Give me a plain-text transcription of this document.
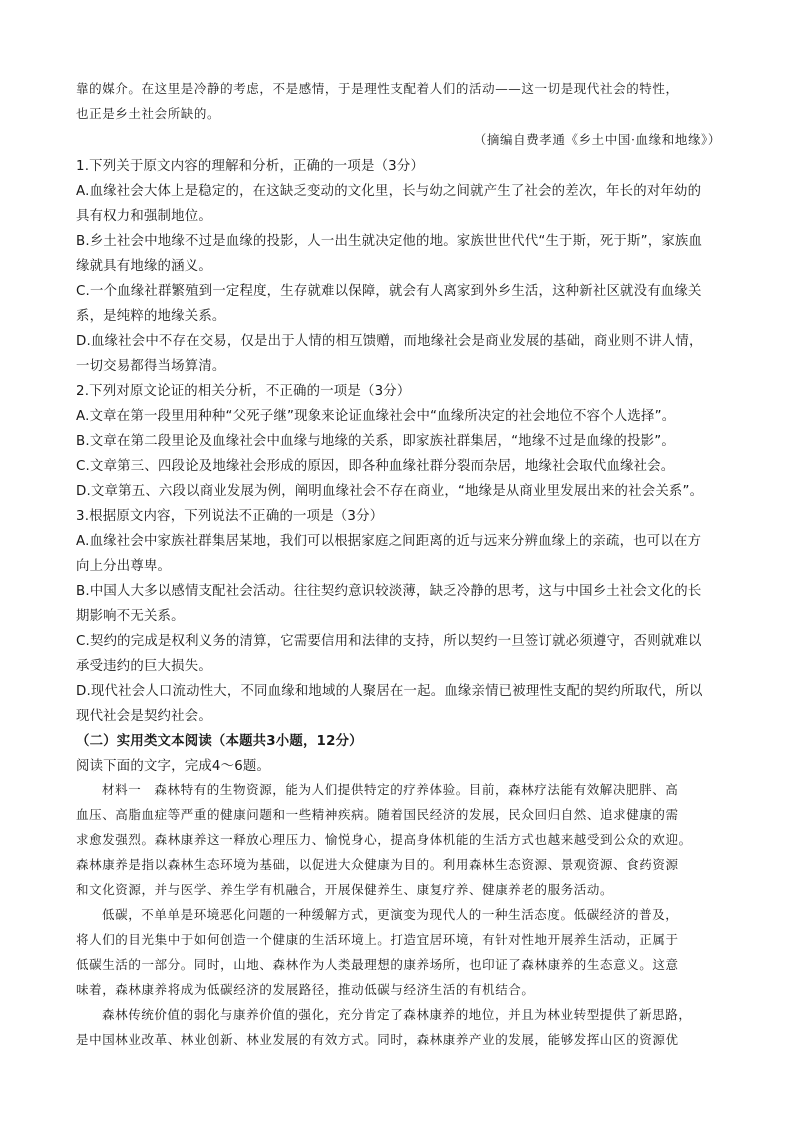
靠的媒介。在这里是冷静的考虑，不是感情，于是理性支配着人们的活动——这一切是现代社会的特性，
也正是乡土社会所缺的。
（摘编自费孝通《乡土中国·血缘和地缘》）
1.下列关于原文内容的理解和分析，正确的一项是（3分）
A.血缘社会大体上是稳定的，在这缺乏变动的文化里，长与幼之间就产生了社会的差次，年长的对年幼的
具有权力和强制地位。
B.乡土社会中地缘不过是血缘的投影，人一出生就决定他的地。家族世世代代“生于斯，死于斯”，家族血
缘就具有地缘的涵义。
C.一个血缘社群繁殖到一定程度，生存就难以保障，就会有人离家到外乡生活，这种新社区就没有血缘关
系，是纯粹的地缘关系。
D.血缘社会中不存在交易，仅是出于人情的相互馈赠，而地缘社会是商业发展的基础，商业则不讲人情，
一切交易都得当场算清。
2.下列对原文论证的相关分析，不正确的一项是（3分）
A.文章在第一段里用种种“父死子继”现象来论证血缘社会中“血缘所决定的社会地位不容个人选择”。
B.文章在第二段里论及血缘社会中血缘与地缘的关系，即家族社群集居，“地缘不过是血缘的投影”。
C.文章第三、四段论及地缘社会形成的原因，即各种血缘社群分裂而杂居，地缘社会取代血缘社会。
D.文章第五、六段以商业发展为例，阐明血缘社会不存在商业，“地缘是从商业里发展出来的社会关系”。
3.根据原文内容，下列说法不正确的一项是（3分）
A.血缘社会中家族社群集居某地，我们可以根据家庭之间距离的近与远来分辨血缘上的亲疏，也可以在方
向上分出尊卑。
B.中国人大多以感情支配社会活动。往往契约意识较淡薄，缺乏冷静的思考，这与中国乡土社会文化的长
期影响不无关系。
C.契约的完成是权利义务的清算，它需要信用和法律的支持，所以契约一旦签订就必须遵守，否则就难以
承受违约的巨大损失。
D.现代社会人口流动性大，不同血缘和地域的人聚居在一起。血缘亲情已被理性支配的契约所取代，所以
现代社会是契约社会。
（二）实用类文本阅读（本题共3小题，12分）
阅读下面的文字，完成4～6题。
材料一　森林特有的生物资源，能为人们提供特定的疗养体验。目前，森林疗法能有效解决肥胖、高
血压、高脂血症等严重的健康问题和一些精神疾病。随着国民经济的发展，民众回归自然、追求健康的需
求愈发强烈。森林康养这一释放心理压力、愉悦身心，提高身体机能的生活方式也越来越受到公众的欢迎。
森林康养是指以森林生态环境为基础，以促进大众健康为目的。利用森林生态资源、景观资源、食药资源
和文化资源，并与医学、养生学有机融合，开展保健养生、康复疗养、健康养老的服务活动。
低碳，不单单是环境恶化问题的一种缓解方式，更演变为现代人的一种生活态度。低碳经济的普及，
将人们的目光集中于如何创造一个健康的生活环境上。打造宜居环境，有针对性地开展养生活动，正属于
低碳生活的一部分。同时，山地、森林作为人类最理想的康养场所，也印证了森林康养的生态意义。这意
味着，森林康养将成为低碳经济的发展路径，推动低碳与经济生活的有机结合。
森林传统价值的弱化与康养价值的强化，充分肯定了森林康养的地位，并且为林业转型提供了新思路，
是中国林业改革、林业创新、林业发展的有效方式。同时，森林康养产业的发展，能够发挥山区的资源优
